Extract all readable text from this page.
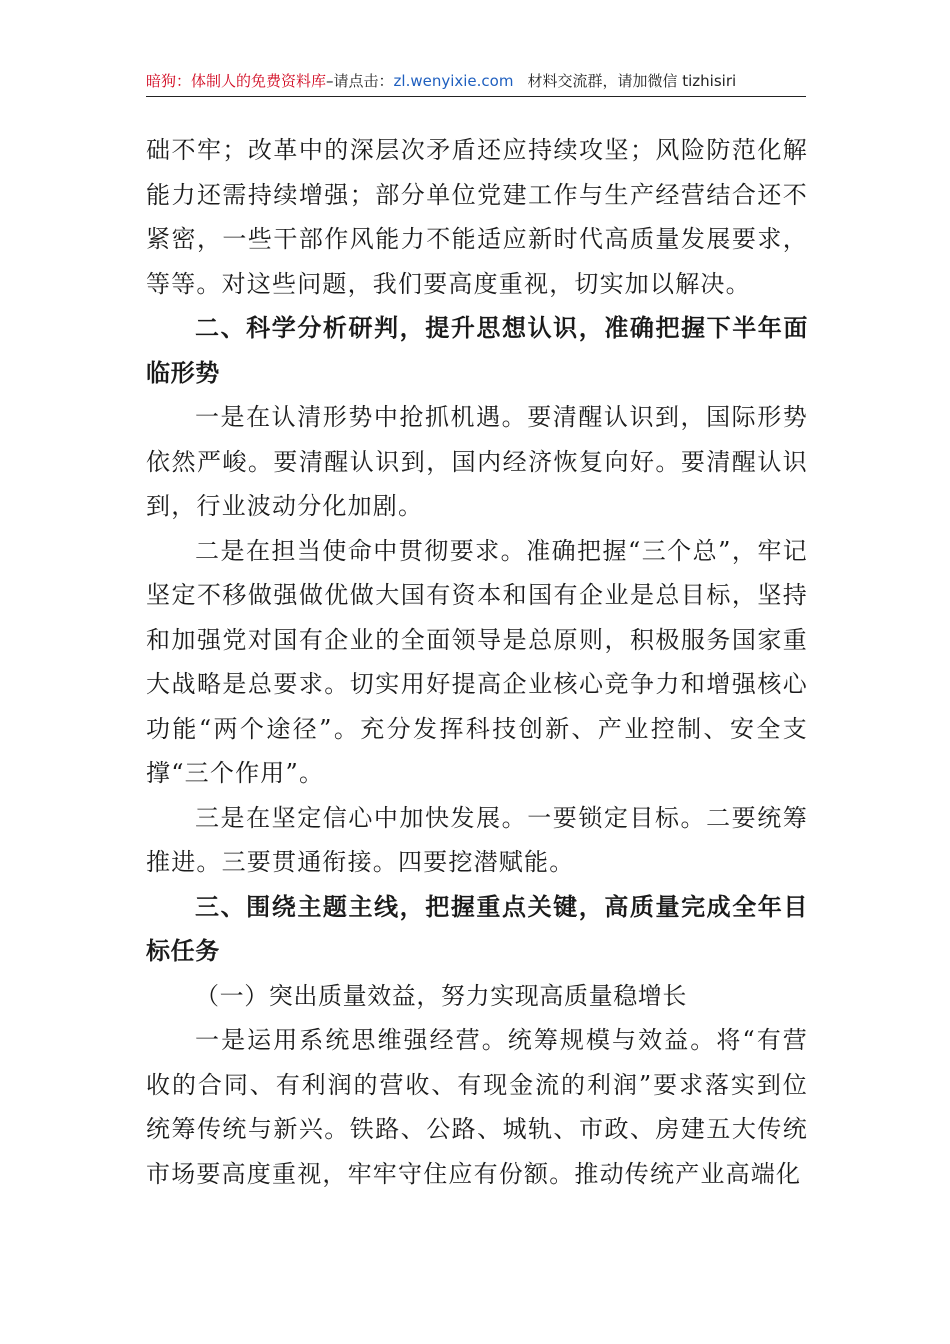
暗狗：体制人的免费资料库–请点击：zl.wenyixie.com 材料交流群，请加微信 tizhisiri

础不牢；改革中的深层次矛盾还应持续攻坚；风险防范化解能力还需持续增强；部分单位党建工作与生产经营结合还不紧密，一些干部作风能力不能适应新时代高质量发展要求，等等。对这些问题，我们要高度重视，切实加以解决。

二、科学分析研判，提升思想认识，准确把握下半年面临形势

一是在认清形势中抢抓机遇。要清醒认识到，国际形势依然严峻。要清醒认识到，国内经济恢复向好。要清醒认识到，行业波动分化加剧。

二是在担当使命中贯彻要求。准确把握“三个总”，牢记坚定不移做强做优做大国有资本和国有企业是总目标，坚持和加强党对国有企业的全面领导是总原则，积极服务国家重大战略是总要求。切实用好提高企业核心竞争力和增强核心功能“两个途径”。充分发挥科技创新、产业控制、安全支撑“三个作用”。

三是在坚定信心中加快发展。一要锁定目标。二要统筹推进。三要贯通衔接。四要挖潜赋能。

三、围绕主题主线，把握重点关键，高质量完成全年目标任务

（一）突出质量效益，努力实现高质量稳增长

一是运用系统思维强经营。统筹规模与效益。将“有营收的合同、有利润的营收、有现金流的利润”要求落实到位统筹传统与新兴。铁路、公路、城轨、市政、房建五大传统市场要高度重视，牢牢守住应有份额。推动传统产业高端化
